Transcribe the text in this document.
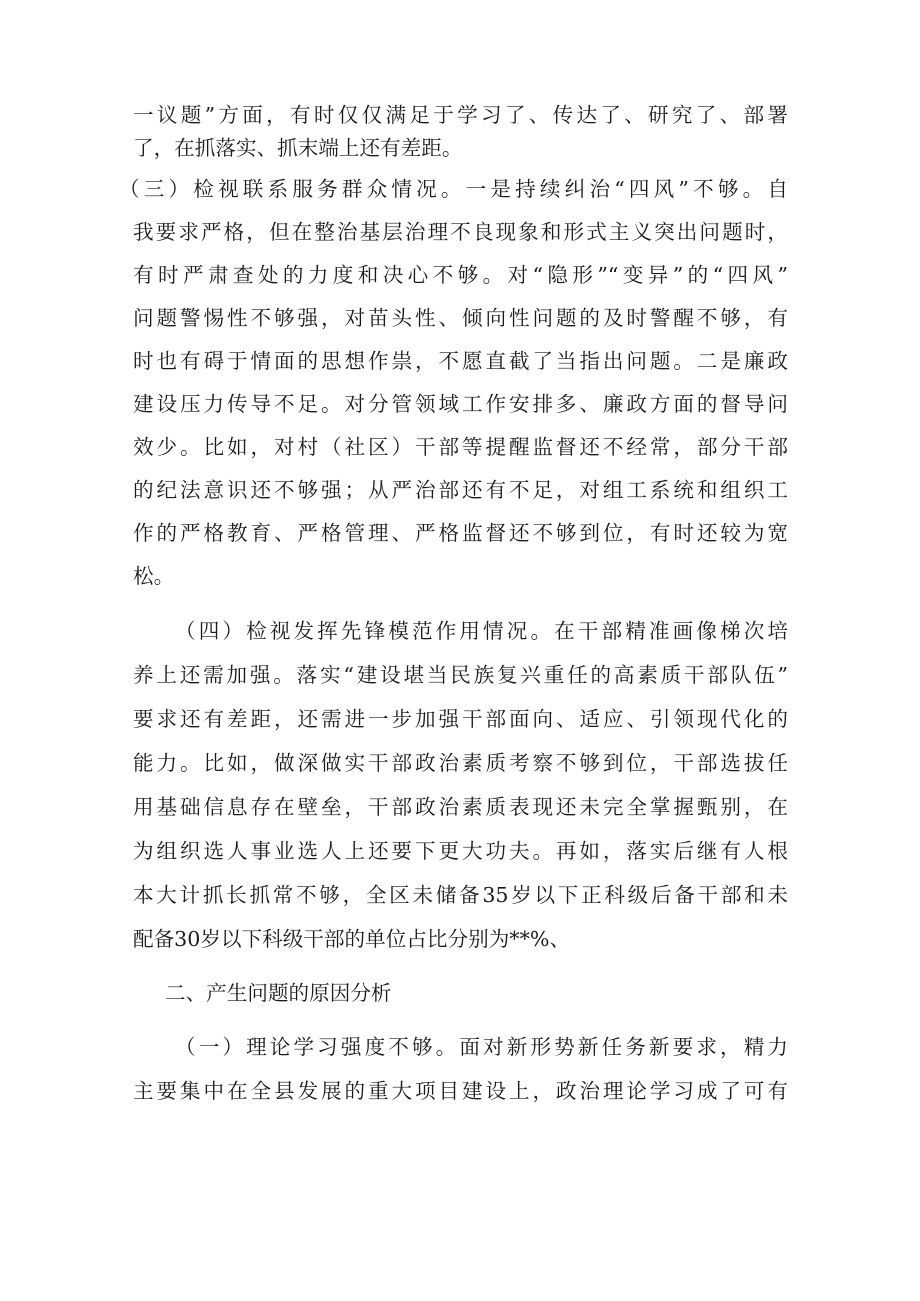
一议题”方面，有时仅仅满足于学习了、传达了、研究了、部署
了，在抓落实、抓末端上还有差距。
（三）检视联系服务群众情况。一是持续纠治“四风”不够。自
我要求严格，但在整治基层治理不良现象和形式主义突出问题时，
有时严肃查处的力度和决心不够。对“隐形”“变异”的“四风”
问题警惕性不够强，对苗头性、倾向性问题的及时警醒不够，有
时也有碍于情面的思想作祟，不愿直截了当指出问题。二是廉政
建设压力传导不足。对分管领域工作安排多、廉政方面的督导问
效少。比如，对村（社区）干部等提醒监督还不经常，部分干部
的纪法意识还不够强；从严治部还有不足，对组工系统和组织工
作的严格教育、严格管理、严格监督还不够到位，有时还较为宽
松。
（四）检视发挥先锋模范作用情况。在干部精准画像梯次培
养上还需加强。落实“建设堪当民族复兴重任的高素质干部队伍”
要求还有差距，还需进一步加强干部面向、适应、引领现代化的
能力。比如，做深做实干部政治素质考察不够到位，干部选拔任
用基础信息存在壁垒，干部政治素质表现还未完全掌握甄别，在
为组织选人事业选人上还要下更大功夫。再如，落实后继有人根
本大计抓长抓常不够，全区未储备35岁以下正科级后备干部和未
配备30岁以下科级干部的单位占比分别为**%、
二、产生问题的原因分析
（一）理论学习强度不够。面对新形势新任务新要求，精力
主要集中在全县发展的重大项目建设上，政治理论学习成了可有
